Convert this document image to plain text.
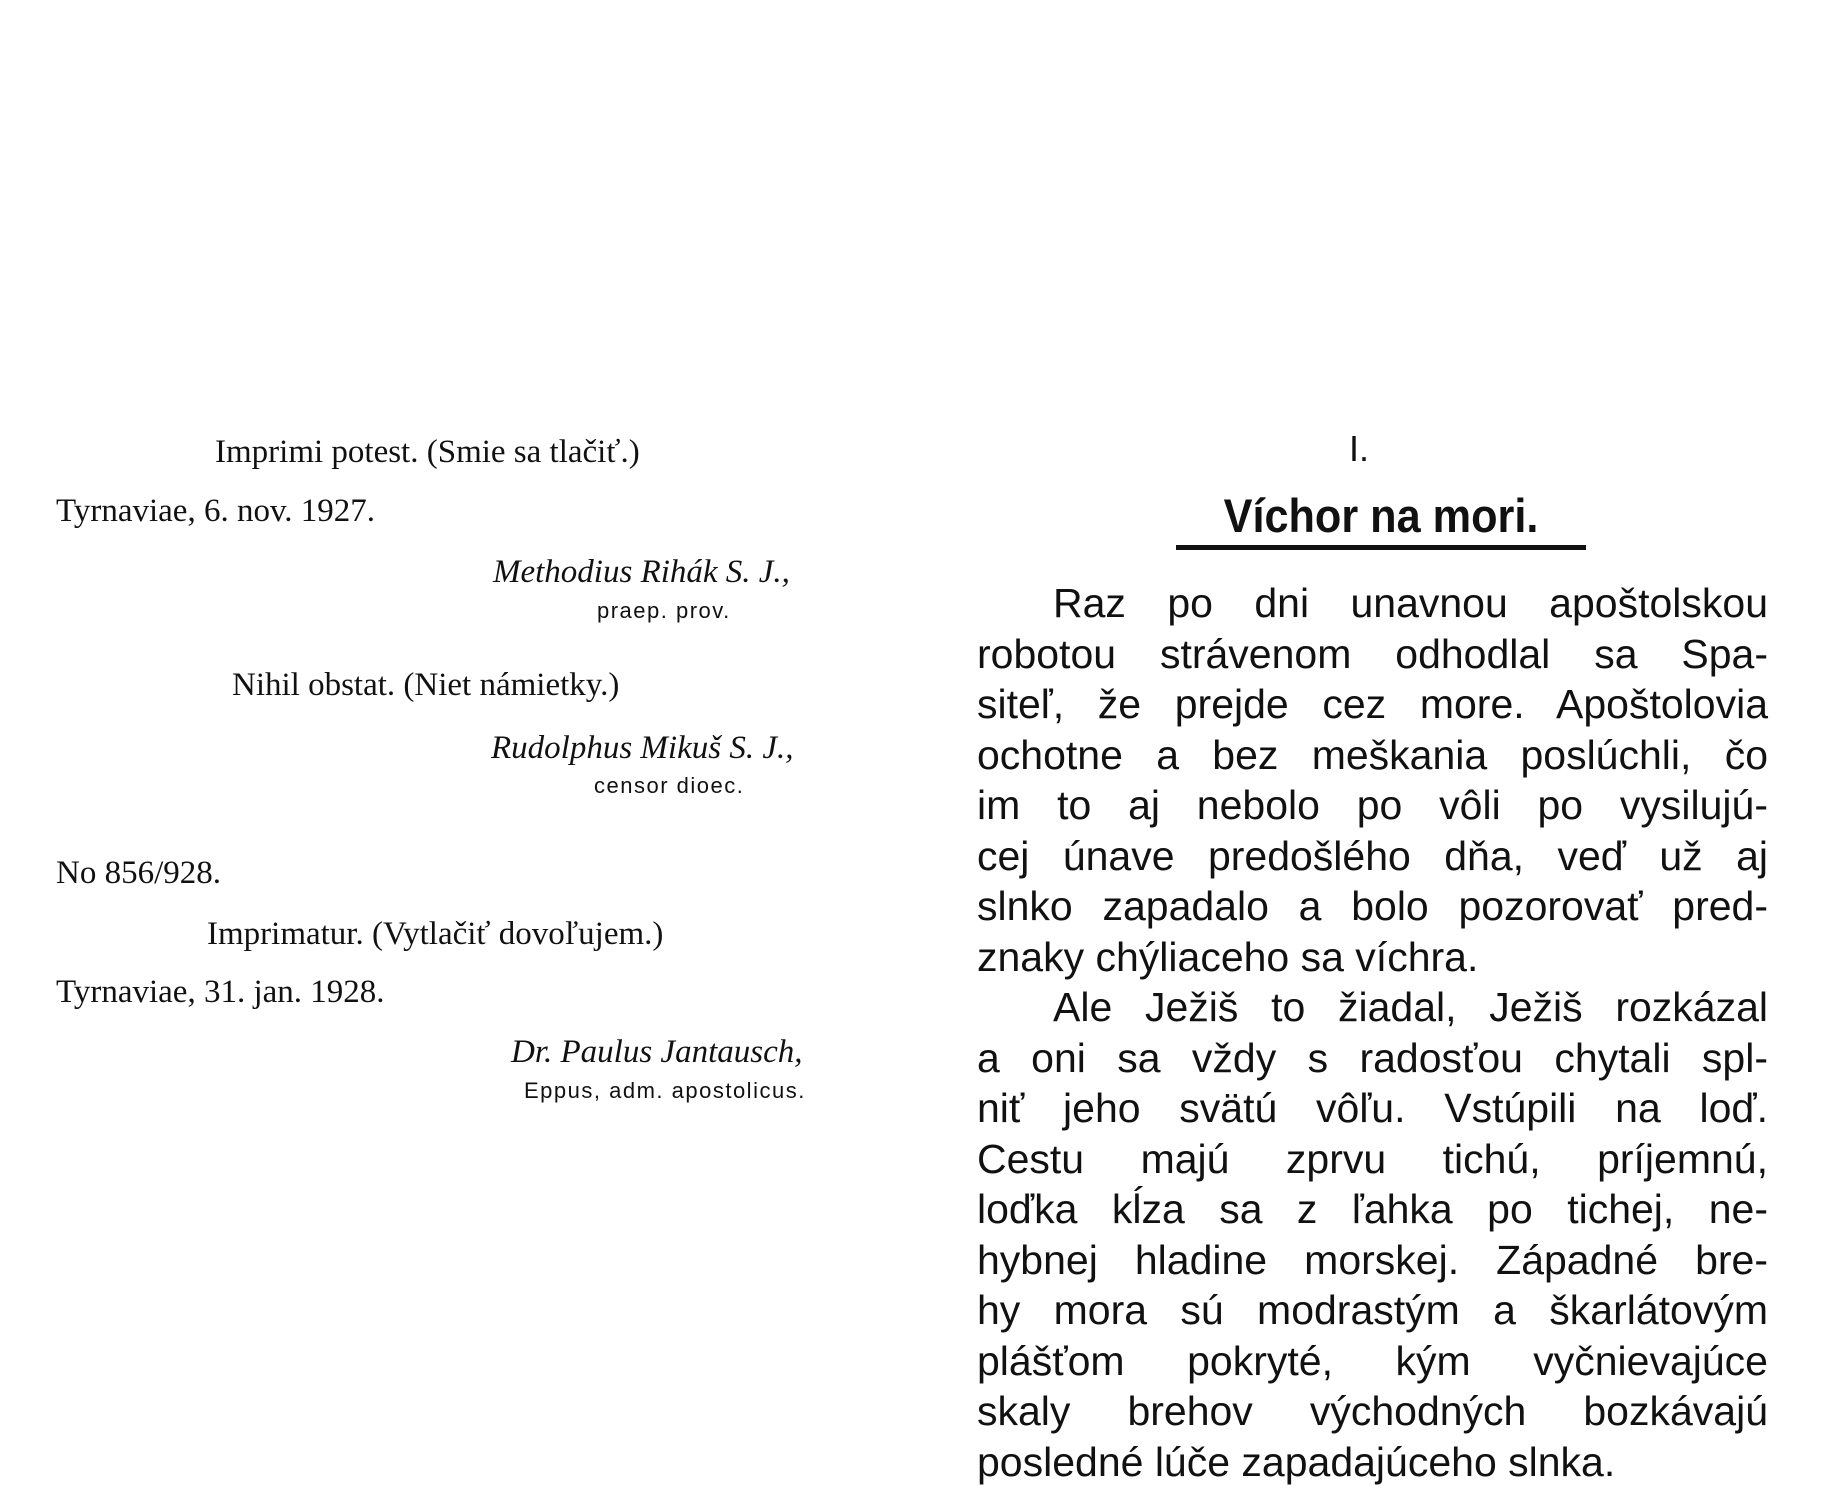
Imprimi potest. (Smie sa tlačiť.)
Tyrnaviae, 6. nov. 1927.
Methodius Rihák S. J.,
praep. prov.
Nihil obstat. (Niet námietky.)
Rudolphus Mikuš S. J.,
censor dioec.
No 856/928.
Imprimatur. (Vytlačiť dovoľujem.)
Tyrnaviae, 31. jan. 1928.
Dr. Paulus Jantausch,
Eppus, adm. apostolicus.
I.
Víchor na mori.
Raz po dni unavnou apoštolskou
robotou strávenom odhodlal sa Spa-
siteľ, že prejde cez more. Apoštolovia
ochotne a bez meškania poslúchli, čo
im to aj nebolo po vôli po vysilujú-
cej únave predošlého dňa, veď už aj
slnko zapadalo a bolo pozorovať pred-
znaky chýliaceho sa víchra.
Ale Ježiš to žiadal, Ježiš rozkázal
a oni sa vždy s radosťou chytali spl-
niť jeho svätú vôľu. Vstúpili na loď.
Cestu majú zprvu tichú, príjemnú,
loďka kĺza sa z ľahka po tichej, ne-
hybnej hladine morskej. Západné bre-
hy mora sú modrastým a škarlátovým
plášťom pokryté, kým vyčnievajúce
skaly brehov východných bozkávajú
posledné lúče zapadajúceho slnka.
